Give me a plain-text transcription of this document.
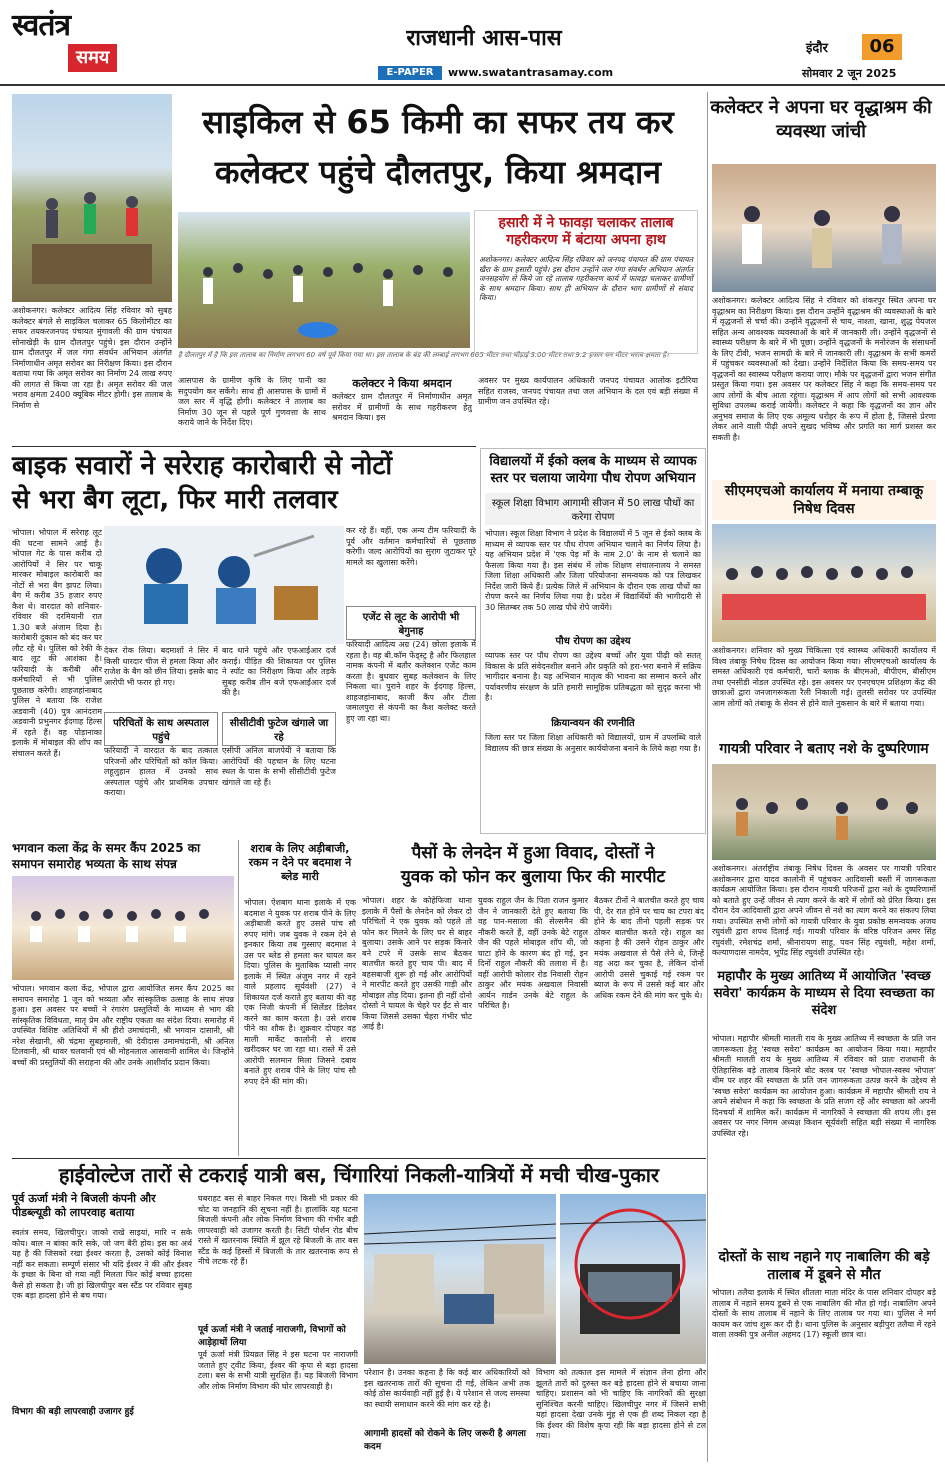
स्वतंत्र
समय
राजधानी आस-पास
E-PAPER	www.swatantrasamay.com
इंदौर	06
सोमवार 2 जून 2025
साइकिल से 65 किमी का सफर तय कर
कलेक्टर पहुंचे दौलतपुर, किया श्रमदान
अशोकनगर। कलेक्टर आदित्य सिंह रविवार को सुबह कलेक्टर बंगले से साइकिल चलाकर 65 किलोमीटर का सफर तयकरजनपद पंचायत मुंगावली की ग्राम पंचायत सोनाखेड़ी के ग्राम दौलतपुर पहुंचे। इस दौरान उन्होंने ग्राम दौलतपुर में जल गंगा संवर्धन अभियान अंतर्गत निर्माणाधीन अमृत सरोवर का निरीक्षण किया। इस दौरान बताया गया कि अमृत सरोवर का निर्माण 24 लाख रुपए की लागत से किया जा रहा है। अमृत सरोवर की जल भराव क्षमता 2400 क्यूबिक मीटर होगी। इस तालाब के निर्माण से
है दौलतपुर में है कि इस तालाब का निर्माण लगभग 60 वर्ष पूर्व किया गया था। इस तालाब के बंड की लम्बाई लगभग 665 मीटर तथा चौड़ाई 3.00 मीटर तथा 9.2 हजार घन मीटर भराव क्षमता है।
हसारी में ने फावड़ा चलाकर तालाब गहरीकरण में बंटाया अपना हाथ
अशोकनगर। कलेक्टर आदित्य सिंह रविवार को जनपद पंचायत की ग्राम पंचायत खैरा के ग्राम हसारी पहुंचे। इस दौरान उन्होंने जल गंगा संवर्धन अभियान अंतर्गत जनसहयोग से किये जा रहे तालाब गहरीकरण कार्य में फावड़ा चलाकर ग्रामीणों के साथ श्रमदान किया। साथ ही अभियान के दौरान भाग ग्रामीणों से संवाद किया।
आसपास के ग्रामीण कृषि के लिए पानी का सदुपयोग कर सकेंगे। साथ ही आसपास के ग्रामों में जल स्तर में वृद्धि होगी। कलेक्टर ने तालाब का निर्माण 30 जून से पहले पूर्ण गुणवत्ता के साथ कराये जाने के निर्देश दिए।
कलेक्टर ने किया श्रमदान
कलेक्टर ग्राम दौलतपुर में निर्माणाधीन अमृत सरोवर में ग्रामीणों के साथ गहरीकरण हेतु श्रमदान किया। इस
अवसर पर मुख्य कार्यपालन अधिकारी जनपद पंचायत आलोक इटौरिया सहित राजस्व, जनपद पंचायत तथा जल अभियान के दल एवं बड़ी संख्या में ग्रामीण जन उपस्थित रहे।
कलेक्टर ने अपना घर वृद्धाश्रम की व्यवस्था जांची
अशोकनगर। कलेक्टर आदित्य सिंह ने रविवार को शंकरपुर स्थित अपना घर वृद्धाश्रम का निरीक्षण किया। इस दौरान उन्होंने वृद्धाश्रम की व्यवस्थाओं के बारे में वृद्धजनों से चर्चा की। उन्होंने वृद्धजनों से चाय, नाश्ता, खाना, शुद्ध पेयजल सहित अन्य आवश्यक व्यवस्थाओं के बारे में जानकारी ली। उन्होंने वृद्धजनों से स्वास्थ्य परीक्षण के बारे में भी पूछा। उन्होंने वृद्धजनों के मनोरंजन के संसाधनों के लिए टीवी, भजन सामग्री के बारे में जानकारी ली। वृद्धाश्रम के सभी कमरों में पहुंचकर व्यवस्थाओं को देखा। उन्होंने निर्देशित किया कि समय-समय पर वृद्धजनों का स्वास्थ्य परीक्षण कराया जाए। मौके पर वृद्धजनों द्वारा भजन संगीत प्रस्तुत किया गया। इस अवसर पर कलेक्टर सिंह ने कहा कि समय-समय पर आप लोगों के बीच आता रहूंगा। वृद्धाश्रम में आप लोगों को सभी आवश्यक सुविधा उपलब्ध कराई जायेगी। कलेक्टर ने कहा कि वृद्धजनों का ज्ञान और अनुभव समाज के लिए एक अमूल्य धरोहर के रूप में होता है, जिससे प्रेरणा लेकर आने वाली पीढ़ी अपने सुखद भविष्य और प्रगति का मार्ग प्रशस्त कर सकती है।
बाइक सवारों ने सरेराह कारोबारी से नोटों
से भरा बैग लूटा, फिर मारी तलवार
भोपाल। भोपाल में सरेराह लूट की घटना सामने आई है। भोपाल गेट के पास करीब दो आरोपियों ने सिर पर चाकू मारकर मोबाइल कारोबारी का नोटों से भरा बैग झपट लिया। बैग में करीब 35 हजार रुपए कैश थे। वारदात को शनिवार-रविवार की दरमियानी रात 1.30 बजे अंजाम दिया है। कारोबारी दुकान को बंद कर घर लौट रहे थे। पुलिस को रेकी के बाद लूट की आशंका है। फरियादी के करीबी और कर्मचारियों से भी पुलिस पूछताछ करेगी। शाहजहांनाबाद पुलिस ने बताया कि राजेश अडवानी (40) पुत्र आनंदराम अडवानी प्रभुनगर ईदगाह हिल्स में रहते हैं। वह पोड़ानाका इलाके में मोबाइल की शॉप का संचालन करते हैं।
देकर रोक लिया। बदमाशों ने सिर में किसी धारदार चीज से हमला किया और राजेश के बैग को छीन लिया। इसके बाद आरोपी भी फरार हो गए।
परिचितों के साथ अस्पताल पहुंचे
फरियादी ने वारदात के बाद तत्काल परिजनों और परिचितों को कॉल किया। लहूलुहान हालत में उनको साथ अस्पताल पहुंचे और प्राथमिक उपचार कराया।
बाद थाने पहुंचे और एफआईआर दर्ज कराई। पीड़ित की शिकायत पर पुलिस ने स्पॉट का निरीक्षण किया और तड़के सुबह करीब तीन बजे एफआईआर दर्ज की है।
सीसीटीवी फुटेज खंगाले जा रहे
एसीपी अनिल बाजपेयी ने बताया कि आरोपियों की पहचान के लिए घटना स्थल के पास के सभी सीसीटीवी फुटेज खंगाले जा रहे हैं।
कर रहे हैं। वहीं, एक अन्य टीम फरियादी के पूर्व और वर्तमान कर्मचारियों से पूछताछ करेगी। जल्द आरोपियों का सुराग जुटाकर पूरे मामले का खुलासा करेंगे।
एजेंट से लूट के आरोपी भी बेगुनाह
फरियादी आदित्य अग्र (24) छोला इलाके में रहता है। वह बी.कॉम फेंड्स्ट्र है और फिलहाल नामक कंपनी में बतौर कलेक्शन एजेंट काम करता है। बुधवार सुबह कलेक्शन के लिए निकला था। पुराने शहर के ईदगाह हिल्स, शाहजहांनाबाद, काजी कैंप और टीला जमालपुरा से कंपनी का कैश कलेक्ट करते हुए जा रहा था।
विद्यालयों में ईको क्लब के माध्यम से व्यापक स्तर पर चलाया जायेगा पौध रोपण अभियान
स्कूल शिक्षा विभाग आगामी सीजन में 50 लाख पौधों का करेगा रोपण
भोपाल। स्कूल शिक्षा विभाग ने प्रदेश के विद्यालयों में 5 जून से ईको क्लब के माध्यम से व्यापक स्तर पर पौध रोपण अभियान चलाने का निर्णय लिया है। यह अभियान प्रदेश में 'एक पेड़ माँ के नाम 2.0' के नाम से चलाने का फैसला किया गया है। इस संबंध में लोक शिक्षण संचालनालय ने समस्त जिला शिक्षा अधिकारी और जिला परियोजना समन्वयक को पत्र लिखकर निर्देश जारी किये हैं। प्रत्येक जिले में अभियान के दौरान एक लाख पौधों का रोपण करने का निर्णय लिया गया है। प्रदेश में विद्यार्थियों की भागीदारी से 30 सितम्बर तक 50 लाख पौधे रोपे जायेंगे।
पौध रोपण का उद्देश्य
व्यापक स्तर पर पौध रोपण का उद्देश्य बच्चों और युवा पीढ़ी को सतत् विकास के प्रति संवेदनशील बनाने और प्रकृति को हरा-भरा बनाने में सक्रिय भागीदार बनाना है। यह अभियान मातृत्व की भावना का सम्मान करने और पर्यावरणीय संरक्षण के प्रति हमारी सामूहिक प्रतिबद्धता को सुदृढ़ करना भी है।
क्रियान्वयन की रणनीति
जिला स्तर पर जिला शिक्षा अधिकारी को विद्यालयों, ग्राम में उपलब्धि वाले विद्यालय की छात्र संख्या के अनुसार कार्ययोजना बनाने के लिये कहा गया है।
सीएमएचओ कार्यालय में मनाया तम्बाकू निषेध दिवस
अशोकनगर। शनिवार को मुख्य चिकित्सा एवं स्वास्थ्य अधिकारी कार्यालय में विश्व तंबाकू निषेध दिवस का आयोजन किया गया। सीएमएचओ कार्यालय के समस्त अधिकारी एवं कर्मचारी, चारों ब्लाक के बीएमओ, बीपीएम, बीसीएम तथा एनसीडी नोडल उपस्थित रहे। इस अवसर पर एनएचएम प्रशिक्षण केंद्र की छात्राओं द्वारा जनजागरूकता रैली निकाली गई। तुलसी सरोवर पर उपस्थित आम लोगों को तंबाकू के सेवन से होने वाले नुकसान के बारे में बताया गया।
गायत्री परिवार ने बताए नशे के दुष्परिणाम
अशोकनगर। अंतर्राष्ट्रीय तंबाकू निषेध दिवस के अवसर पर गायत्री परिवार अशोकनगर द्वारा यादव कालोनी में पहुंचकर आदिवासी बस्ती में जागरूकता कार्यक्रम आयोजित किया। इस दौरान गायत्री परिजनों द्वारा नशे के दुष्परिणामों को बताते हुए उन्हें जीवन से त्याग करने के बारे में लोगों को प्रेरित किया। इस दौरान देव आदिवासी द्वारा अपने जीवन से नशे का त्याग करने का संकल्प लिया गया। उपस्थित सभी लोगों को गायत्री परिवार के युवा प्रकोष्ठ समन्वयक अजय रघुवंशी द्वारा शपथ दिलाई गई। गायत्री परिवार के वरिष्ठ परिजन अमर सिंह रघुवंशी, रमेशचंद्र शर्मा, श्रीनारायण साहू, पवन सिंह रघुवंशी, महेश शर्मा, कल्याणदास नामदेव, भूपेंद्र सिंह रघुवंशी उपस्थित रहे।
महापौर के मुख्य आतिथ्य में आयोजित 'स्वच्छ सवेरा' कार्यक्रम के माध्यम से दिया स्वच्छता का संदेश
भोपाल। महापौर श्रीमती मालती राय के मुख्य आतिथ्य में स्वच्छता के प्रति जन जागरूकता हेतु 'स्वच्छ सवेरा' कार्यक्रम का आयोजन किया गया। महापौर श्रीमती मालती राय के मुख्य आतिथ्य में रविवार को प्रातः राजधानी के ऐतिहासिक बड़े तालाब किनारे बोट क्लब पर 'स्वच्छ भोपाल-स्वस्थ भोपाल' थीम पर शहर की स्वच्छता के प्रति जन जागरूकता उत्पन्न करने के उद्देश्य से 'स्वच्छ सवेरा' कार्यक्रम का आयोजन हुआ। कार्यक्रम में महापौर श्रीमती राय ने अपने संबोधन में कहा कि स्वच्छता के प्रति सजग रहें और स्वच्छता को अपनी दिनचर्या में शामिल करें। कार्यक्रम में नागरिकों ने स्वच्छता की शपथ ली। इस अवसर पर नगर निगम अध्यक्ष किशन सूर्यवंशी सहित बड़ी संख्या में नागरिक उपस्थित रहे।
दोस्तों के साथ नहाने गए नाबालिग की बड़े तालाब में डूबने से मौत
भोपाल। तलैया इलाके में स्थित शीतला माता मंदिर के पास शनिवार दोपहर बड़े तालाब में नहाने समय डूबने से एक नाबालिग की मौत हो गई। नाबालिग अपने दोस्तों के साथ तालाब में नहाने के लिए तालाब पर गया था। पुलिस ने मर्ग कायम कर जांच शुरू कर दी है। थाना पुलिस के अनुसार बड़ीपुरा तलैया में रहने वाला लक्की पुत्र अनील अहमद (17) स्कूली छात्र था।
भगवान कला केंद्र के समर कैंप 2025 का समापन समारोह भव्यता के साथ संपन्न
भोपाल। भगवान कला केंद्र, भोपाल द्वारा आयोजित समर कैंप 2025 का समापन समारोह 1 जून को भव्यता और सांस्कृतिक उत्साह के साथ संपन्न हुआ। इस अवसर पर बच्चों ने रंगारंग प्रस्तुतियों के माध्यम से भाग की सांस्कृतिक विविधता, मातृ प्रेम और राष्ट्रीय एकता का संदेश दिया। समारोह में उपस्थित विशिष्ट अतिथियों में श्री हीरो उमाचंदानी, श्री भगवान दासानी, श्री नरेश सेखानी, श्री चंद्रमा सुबहमाली, श्री देवीदास उमामचंदानी, श्री अनिल टिलवानी, श्री थावर चलवानी एवं श्री मोहनलाल आसवानी शामिल थे। जिन्होंने बच्चों की प्रस्तुतियों की सराहना की और उनके आशीर्वाद प्रदान किया।
शराब के लिए अड़ीबाजी, रकम न देने पर बदमाश ने ब्लेड मारी
भोपाल। ऐशबाग थाना इलाके में एक बदमाश ने युवक पर शराब पीने के लिए अड़ीबाजी करते हुए उससे पांच सौ रुपए मांगे। जब युवक ने रकम देने से इनकार किया तब गुस्साए बदमाश ने उस पर ब्लेड से हमला कर घायल कर दिया। पुलिस के मुताबिक प्यासी नगर इलाके में स्थित अंजुम नगर में रहने वाले प्रहलाद सूर्यवंशी (27) ने शिकायत दर्ज कराते हुए बताया की वह एक निजी कंपनी में सिलेंडर डिलेवर करने का काम करता है। उसे शराब पीने का शौक है। शुक्रवार दोपहर वह माली मार्केट कालोनी से शराब खरीदकर घर जा रहा था। रास्ते में उसे आरोपी सलमान मिला जिसने दबाव बनाते हुए शराब पीने के लिए पांच सौ रुपए देने की मांग की।
पैसों के लेनदेन में हुआ विवाद, दोस्तों ने
युवक को फोन कर बुलाया फिर की मारपीट
भोपाल। शहर के कोहेफिजा थाना इलाके में पैसों के लेनदेन को लेकर दो परिचितों ने एक युवक को पहले तो फोन कर मिलने के लिए घर से बाहर बुलाया। उसके आने पर सड़क किनारे बने टपरे में उसके साथ बैठकर बातचीत करते हुए चाय पी। बाद में बहसबाजी शुरू हो गई और आरोपियों ने मारपीट करते हुए उसकी गाड़ी और मोबाइल तोड़ दिया। इतना ही नहीं दोनो दोस्तो ने घायल के चेहरे पर ईंट से वार किया जिससे उसका चेहरा गंभीर चोट आई है।
युवक राहुल जैन के पिता राजन कुमार जैन ने जानकारी देते हुए बताया कि वह पान-मसाला की सेल्समैन की नौकरी करते हैं, वहीं उनके बेटे राहुल जैन की पहले मोबाइल शॉप थी, जो घाटा होने के कारण बंद हो गई, इन दिनों राहुल नौकरी की तलाश में है। वहीं आरोपी कोलार रोड निवासी रोहन ठाकुर और मयंक अखवाल निवासी आर्यन गार्डन उनके बेटे राहुल के परिचित है।
बैठकर टीनों ने बातचीत करते हुए चाय पी, देर रात होने पर चाय का टपरा बंद होने के बाद तीनो पहली सड़क पर ठोकर बातचीत करते रहे। राहुल का कहना है की उसने रोहन ठाकुर और मयंक अखवाल से पैसे लेने थे, जिन्हें वह अदा कर चुका है, लेकिन दोनों आरोपी उससे चुकाई गई रकम पर ब्याज के रूप में उससे कई बार और अधिक रकम देने की मांग कर चुके थे।
हाईवोल्टेज तारों से टकराई यात्री बस, चिंगारियां निकली-यात्रियों में मची चीख-पुकार
पूर्व ऊर्जा मंत्री ने बिजली कंपनी और पीडब्ल्यूडी को लापरवाह बताया
स्वतंत्र समय, खिलचीपुर। जाको राखे साइयां, मारि न सके कोय। बाल न बांका करि सके, जो जग बैरी होय। इस का अर्थ यह है की जिसको रखा ईश्वर करता है, उसको कोई विनाश नहीं कर सकता। सम्पूर्ण संसार भी यदि ईश्वर ने की और ईश्वर के इच्छा के बिना वो गया नहीं मिलता फिर कोई बच्चा हादसा कैसे हो सकता है। जी हां खिलचीपुर बस स्टैंड पर रविवार सुबह एक बड़ा हादसा होने से बच गया।
विभाग की बड़ी लापरवाही उजागर हुई
घबराहट बस से बाहर निकल गए। किसी भी प्रकार की चोट या जनहानि की सूचना नहीं है। हालांकि यह घटना बिजली कंपनी और लोक निर्माण विभाग की गंभीर बड़ी लापरवाही को उजागर करती है। सिटी पोर्शन रोड बीच रास्ते में खतरनाक स्थिति में झूल रहे बिजली के तार बस स्टैंड के कई हिस्सों में बिजली के तार खतरनाक रूप से नीचे लटक रहे हैं।
पूर्व ऊर्जा मंत्री ने जताई नाराजगी, विभागों को आड़ेहाथों लिया
पूर्व ऊर्जा मंत्री प्रियव्रत सिंह ने इस घटना पर नाराजगी जताते हुए ट्वीट किया, ईश्वर की कृपा से बड़ा हादसा टला। बस के सभी यात्री सुरक्षित हैं। यह बिजली विभाग और लोक निर्माण विभाग की घोर लापरवाही है।
परेशान है। उनका कहना है कि कई बार अधिकारियों को इस खतरनाक तारों की सूचना दी गई, लेकिन अभी तक कोई ठोस कार्यवाही नहीं हुई है। ये परेशान से जल्द समस्या का स्थायी समाधान करने की मांग कर रहे है।
आगामी हादसों को रोकने के लिए जरूरी है अगला कदम
विभाग को तत्काल इस मामले में संज्ञान लेना होगा और झूलते तारों को दुरुस्त कर बड़े हादसा होने से बचाया जाना चाहिए। प्रशासन को भी चाहिए कि नागरिकों की सुरक्षा सुनिश्चित करनी चाहिए। खिलचीपुर नगर में जिसने सभी यहां हादसा देखा उनके मुंह से एक ही शब्द निकल रहा है कि ईश्वर की विशेष कृपा रही कि बड़ा हादसा होने से टल गया।
